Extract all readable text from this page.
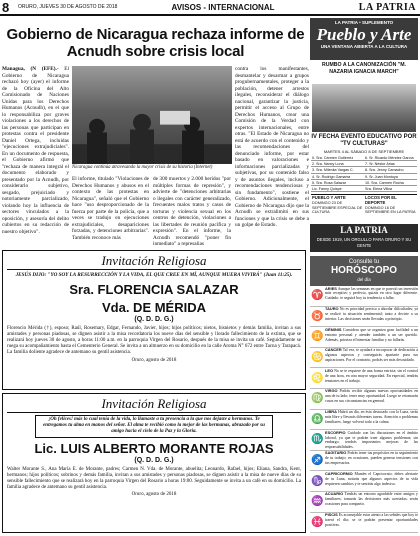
8	ORURO, JUEVES 30 DE AGOSTO DE 2018	AVISOS - INTERNACIONAL	LA PATRIA
Gobierno de Nicaragua rechaza informe de Acnudh sobre crisis local
Managua, (N (EFE).- El Gobierno de Nicaragua rechazó hoy (ayer) el informe de la Oficina del Alto Comisionado de Naciones Unidas para los Derechos Humanos (Acnudh), en el que lo responsabiliza por graves violaciones a los derechos de las personas que participan en protestas contra el presidente Daniel Ortega, incluidas "ejecuciones extrajudiciales". En un documento de respuesta, el Gobierno afirmó que "rechaza de manera integral el documento elaborado y presentado por la Acnudh, por considerarlo subjetivo, sesgado, prejuiciado y notoriamente parcializado, violando hoy la influencia de sectores vinculados a la oposición, y asesoría del delito cubiertos en su redacción de nuestro objetivo".
Nicaragua continúa atravesando la mayor crisis de su historia (Internet)
El informe, titulado "Violaciones de Derechos Humanos y abusos en el contexto de las protestas en Nicaragua", señaló que el Gobierno hace "uso desproporcionado de la fuerza por parte de la policía, que a veces se tradujo en ejecuciones extrajudiciales, desapariciones forzadas, y detenciones arbitrarias". También reconoce más
de 300 muertos y 2.000 heridos "por múltiples formas de represión", y advierte de "detenciones arbitrarias o ilegales con carácter generalizado, frecuentes malos tratos y casos de torturas y violencia sexual en los centros de detención, violaciones a las libertades de reunión pacífica y expresión". En el informe, la Acnudh recomendó "poner fin inmediato" a represalias
contra los manifestantes, desmantelar y desarmar a grupos progubernamentales, proteger a la población, detener arrestos ilegales, reconsiderar el diálogo nacional, garantizar la justicia, permitir el acceso al Grupo de Derechos Humanos, crear una Comisión de la Verdad con expertos internacionales, entre otras. "El Estado de Nicaragua no está de acuerdo con el contenido y las recomendaciones del denunciado informe, por estar basado en valoraciones e informaciones parcializadas y subjetivas, por su contenido falso y de asuntos ilegales, incluso a recomendaciones tendenciosas y sin fundamento", sostiene el Gobierno. Adicionalmente, el Gobierno de Nicaragua dijo que la Acnudh se extralimitó en sus funciones y que la crisis se debe a un golpe de Estado.
Invitación Religiosa
JESÚS DIJO: "YO SOY LA RESURRECCIÓN Y LA VIDA, EL QUE CREE EN MÍ, AUNQUE MUERA VIVIRÁ" (Juan 11:25).
Sra. FLORENCIA SALAZAR
Vda. DE MÉRIDA
(Q. D. D. G.)
Florencio Mérida (†), esposo; Raúl, Rosemary, Edgar, Fernando, Javier, hijos; hijos políticos; nietos, bisnietos y demás familia, invitan a sus amistades y personas piadosas, se dignen asistir a la misa recordatoria los nueve días del sensible y llorado fallecimiento de la extinta, que se realizará hoy jueves 30 de agosto, a horas 11:00 a.m. en la parroquia Virgen del Rosario, después de la misa se invita un café. Seguidamente se ruega su acompañamiento hasta el Cementerio General. Se invita a un almuerzo en su domicilio en la calle Aroma N° 672 entre Tacna y Tarapacá. La familia doliente agradece de antemano su gentil asistencia.
Oruro, agosto de 2018
Invitación Religiosa
¡Oh felices! más lo cual tenía de la vida, lo llamaste a tu presencia a la que nos dejaste a hermanos. Te entregamos tu alma en manos del señor. El alma te recibió como la mejor de las hermanas, abrazado por su amigo hacia el cielo de la Paz y la Gloria.
Lic. LUIS ALBERTO MORANTE ROJAS
(Q. D. D. G.)
Walter Morante S., Ana María E. de Morante, padres; Carmen N. Vda. de Morante, abuelita; Leonardo, Rafael, hijos; Eliana, Sandra, Kent, hermanos; hijos políticos; sobrinos y demás familia, invitan a sus amistades y personas piadosas, se dignen asistir a la misa de nueve días de su sensible fallecimiento que se realizará hoy en la parroquia Virgen del Rosario a horas 19:00. Seguidamente se invita a un café en su domicilio. La familia agradece de antemano su gentil asistencia.
Oruro, agosto de 2018
LA PATRIA • SUPLEMENTO
Pueblo y Arte
UNA VENTANA ABIERTA A LA CULTURA
RUMBO A LA CANONIZACIÓN "M. NAZARIA IGNACIA MARCH"
IV FECHA EVENTO EDUCATIVO POR "TV CULTURAS"
MARTES 4 AL SÁBADO 8 DE SEPTIEMBRE
II. Sra. Cármen Gutiérrez	6. Sr. Ricardo Méndez García
2. Sra. Nancy Luna	7. Sr. Néstor Arias
3. Sra. Milenka Vargas C.	8. Sra. Jenny Camacho
4. Sr. Rodrigo Gamarra	9. Sr. Juan Montoya
5. Sra. Rosa Salazar	10. Sra. Carmen Rocha
Lic. Fanny Quispe	Sra. Elena Villca
PUEBLO Y ARTE
DOMINGO 23 DE SEPTIEMBRE ESPECIAL DE CULTURA
LOCOS POR EL DEPORTE
DOMINGO 16 DE SEPTIEMBRE EN LA PATRIA
LA PATRIA
DESDE 1919, UN ORGULLO PARA ORURO Y SU GENTE
Consulte tu
HORÓSCOPO
del día
♈
ARIES Aunque las semanas en que te pareció un inversión más receptivo y perfecto, quizás en otro lugar diferente. Cuidado: te seguirá hoy tu tendencia a fallar.
♉
TAURO No es prioridad preciso a abordar dificultades; ya se realizó tu situación sentimental; tanto a decirte a su interior. Las decisiones serán llevadas a principio.
♊
GÉMINIS Considera que se organiza gran facilidad a un entorno personal y atender también a un ser querido. Además, prioriza el bienestar familiar y no fallarás.
♋
CÁNCER Tal vez, te ayudará a incorporar de dedicación a algunos aspectos y conseguirás apartarte para tus aspiraciones. Por el contrario, podrás ser más descuidado.
♌
LEO No se te requiere de una forma estricta; sin el control de una hora, en otra mayor seguridad. En especial, tendrás tensiones en el trabajo.
♍
VIRGO Podrás recibir algunas nuevas oportunidades en una de tu lado; tener muy oportunidad. Luego se retomarán cosas en sus circunstancias en general.
♎
LIBRA Habrá un día, en ésta destacado con la Luna, serás más libre y llevarás diferentes tareas. Atención a problemas familiares; luego volverá todo a la calma.
♏
ESCORPIO Cuidado con las discusiones en el ámbito laboral, ya que te podrán traer algunos problemas; sin embargo, tendrás importantes mejoras de las responsabilidades.
♐
SAGITARIO Podrás tener tus propósitos en tu seguimiento de tu trabajo; en ocasiones, pueden generar tensiones con tus empresarios.
♑
CAPRICORNIO Mantén el Capricornio; debes alertarte de tu Luna, notarás que algunos aspectos de tu vida requieren cambios y te sentirás algo indeciso.
♒
ACUARIO Tendrás un entorno agradable entre amigos y familiares; tomarás las decisiones más acertadas; serán ocasiones para compartir.
♓
PISCIS Es aconsejable estar atento a las señales que hoy te traerá el día; se te podrán presentar oportunidades positivas.
